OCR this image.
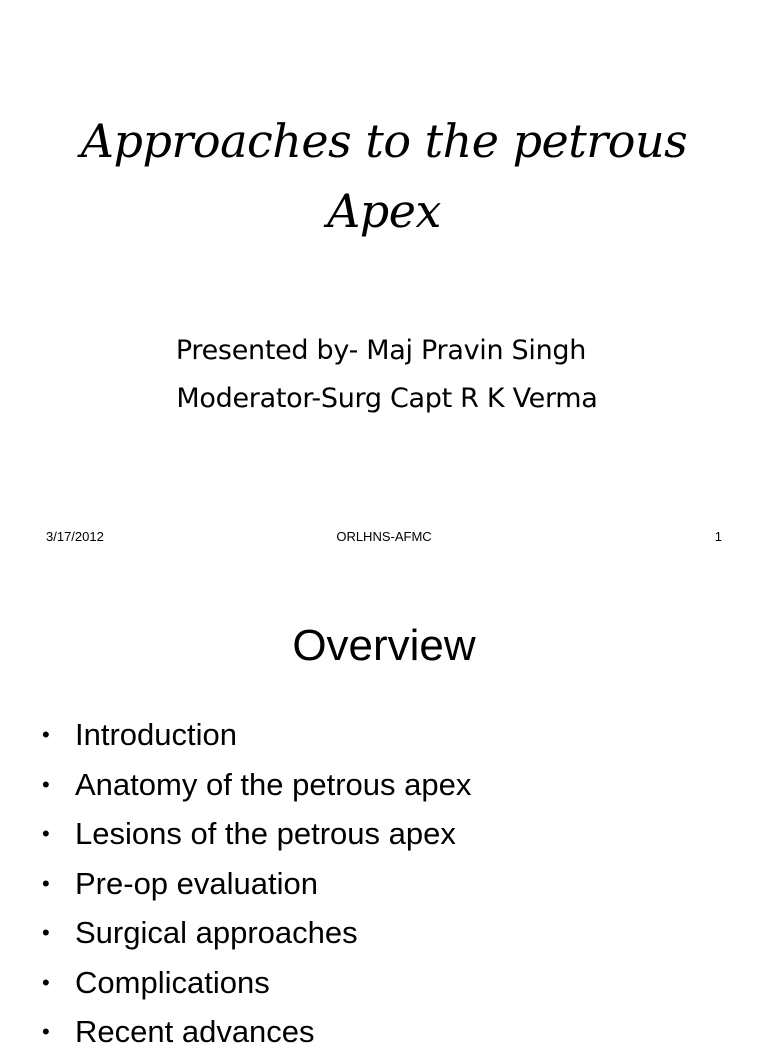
Approaches to the petrous
Apex
Presented by- Maj Pravin Singh
Moderator-Surg Capt R K Verma
3/17/2012	ORLHNS-AFMC	1
Overview
• Introduction
• Anatomy of the petrous apex
• Lesions of the petrous apex
• Pre-op evaluation
• Surgical approaches
• Complications
• Recent advances
